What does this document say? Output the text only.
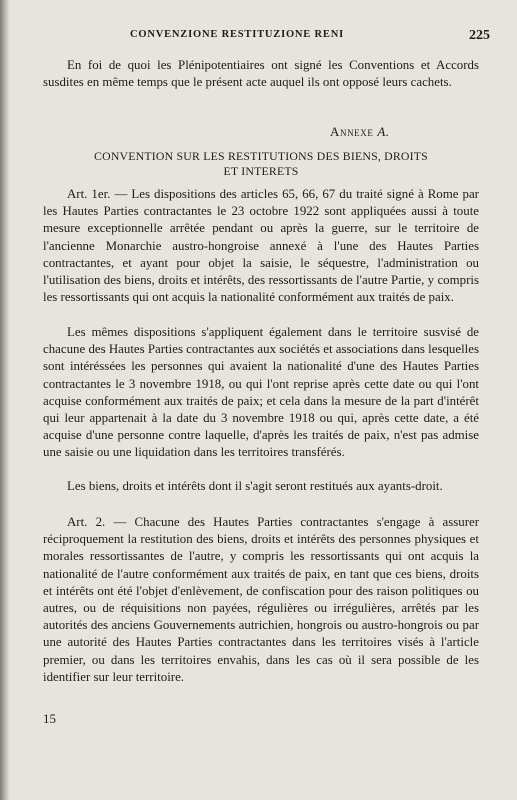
CONVENZIONE RESTITUZIONE RENI	225
En foi de quoi les Plénipotentiaires ont signé les Conventions et Accords susdites en même temps que le présent acte auquel ils ont opposé leurs cachets.
Annexe A.
CONVENTION SUR LES RESTITUTIONS DES BIENS, DROITS
ET INTERETS
Art. 1er. — Les dispositions des articles 65, 66, 67 du traité signé à Rome par les Hautes Parties contractantes le 23 octobre 1922 sont appliquées aussi à toute mesure exceptionnelle arrêtée pendant ou après la guerre, sur le territoire de l'ancienne Monarchie austro-hongroise annexé à l'une des Hautes Parties contractantes, et ayant pour objet la saisie, le séquestre, l'administration ou l'utilisation des biens, droits et intérêts, des ressortissants de l'autre Partie, y compris les ressortissants qui ont acquis la nationalité conformément aux traités de paix.
Les mêmes dispositions s'appliquent également dans le territoire susvisé de chacune des Hautes Parties contractantes aux sociétés et associations dans lesquelles sont intéréssées les personnes qui avaient la nationalité d'une des Hautes Parties contractantes le 3 novembre 1918, ou qui l'ont reprise après cette date ou qui l'ont acquise conformément aux traités de paix; et cela dans la mesure de la part d'intérêt qui leur appartenait à la date du 3 novembre 1918 ou qui, après cette date, a été acquise d'une personne contre laquelle, d'après les traités de paix, n'est pas admise une saisie ou une liquidation dans les territoires transférés.
Les biens, droits et intérêts dont il s'agit seront restitués aux ayants-droit.
Art. 2. — Chacune des Hautes Parties contractantes s'engage à assurer réciproquement la restitution des biens, droits et intérêts des personnes physiques et morales ressortissantes de l'autre, y compris les ressortissants qui ont acquis la nationalité de l'autre conformément aux traités de paix, en tant que ces biens, droits et intérêts ont été l'objet d'enlèvement, de confiscation pour des raison politiques ou autres, ou de réquisitions non payées, régulières ou irrégulières, arrêtés par les autorités des anciens Gouvernements autrichien, hongrois ou austro-hongrois ou par une autorité des Hautes Parties contractantes dans les territoires visés à l'article premier, ou dans les territoires envahis, dans les cas où il sera possible de les identifier sur leur territoire.
15
